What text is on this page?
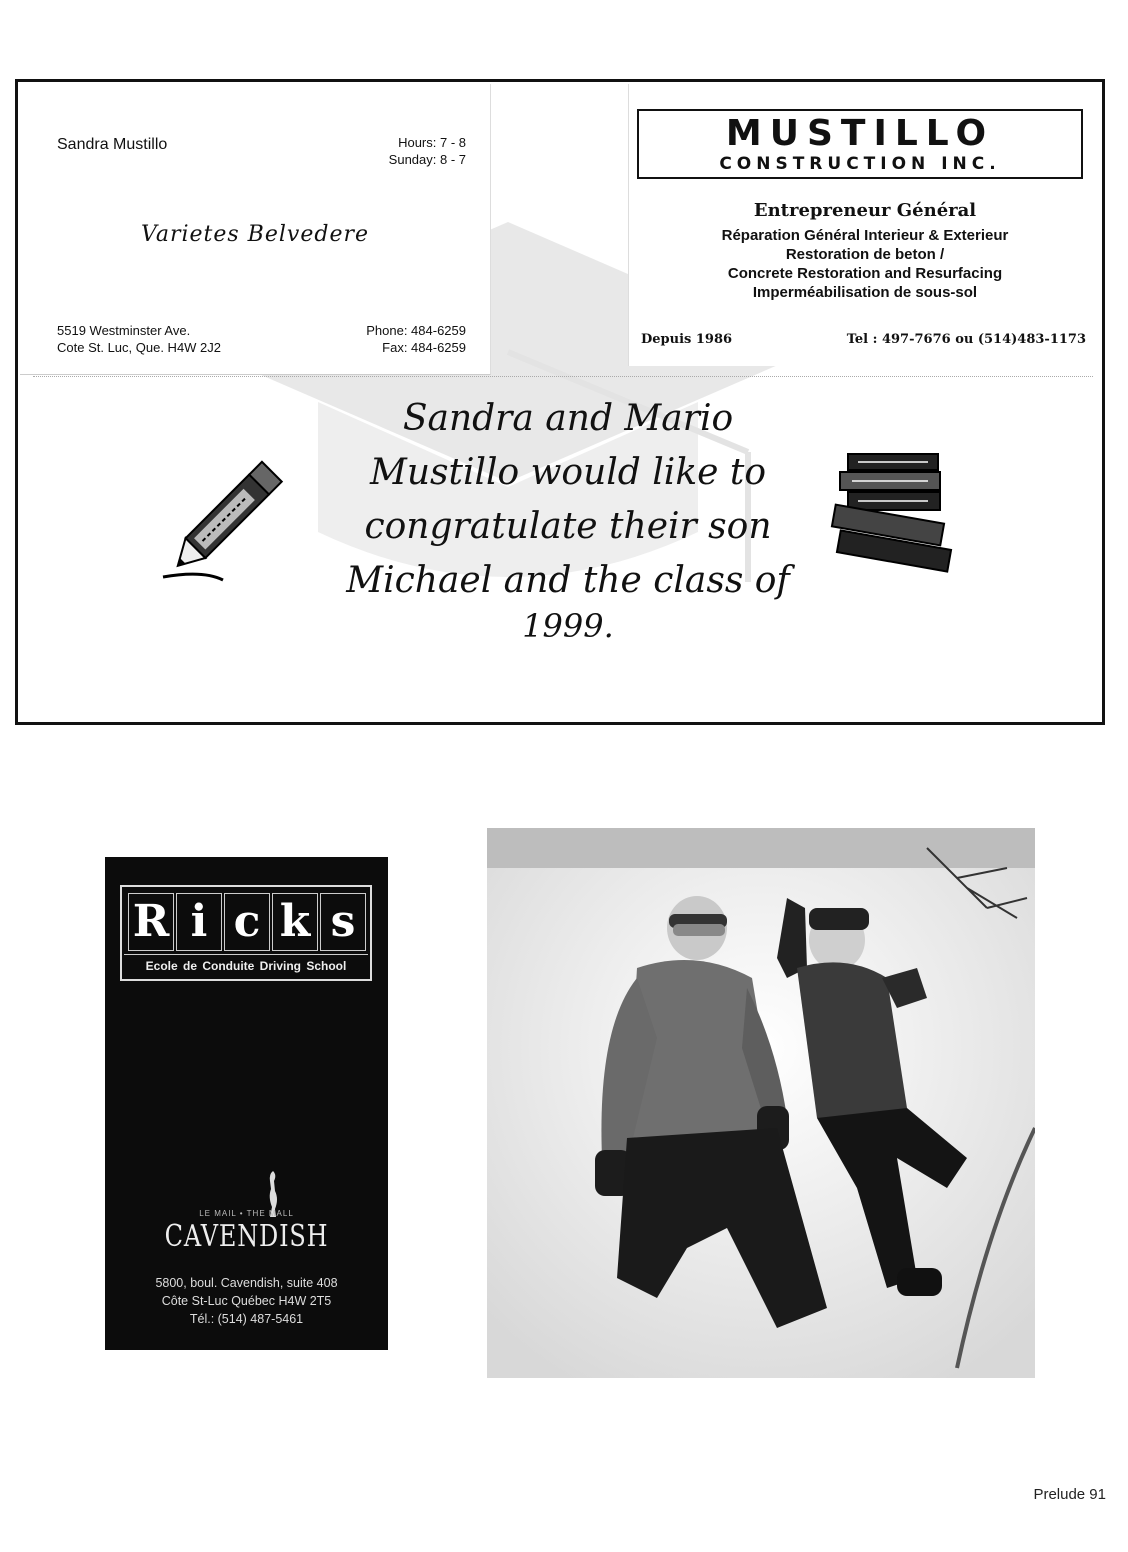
Sandra Mustillo	Hours: 7 - 8
Sunday: 8 - 7
Varietes Belvedere
5519 Westminster Ave.
Cote St. Luc, Que. H4W 2J2
Phone: 484-6259
Fax: 484-6259
MUSTILLO
CONSTRUCTION INC.
Entrepreneur Général
Réparation Général Interieur & Exterieur
Restoration de beton /
Concrete Restoration and Resurfacing
Imperméabilisation de sous-sol
Depuis 1986	Tel : 497-7676 ou (514)483-1173
Sandra and Mario
Mustillo would like to
congratulate their son
Michael and the class of
1999.
R i c k s
Ecole de Conduite Driving School
LE MAIL • THE MALL
CAVENDISH
5800, boul. Cavendish, suite 408
Côte St-Luc Québec H4W 2T5
Tél.: (514) 487-5461
Prelude 91
